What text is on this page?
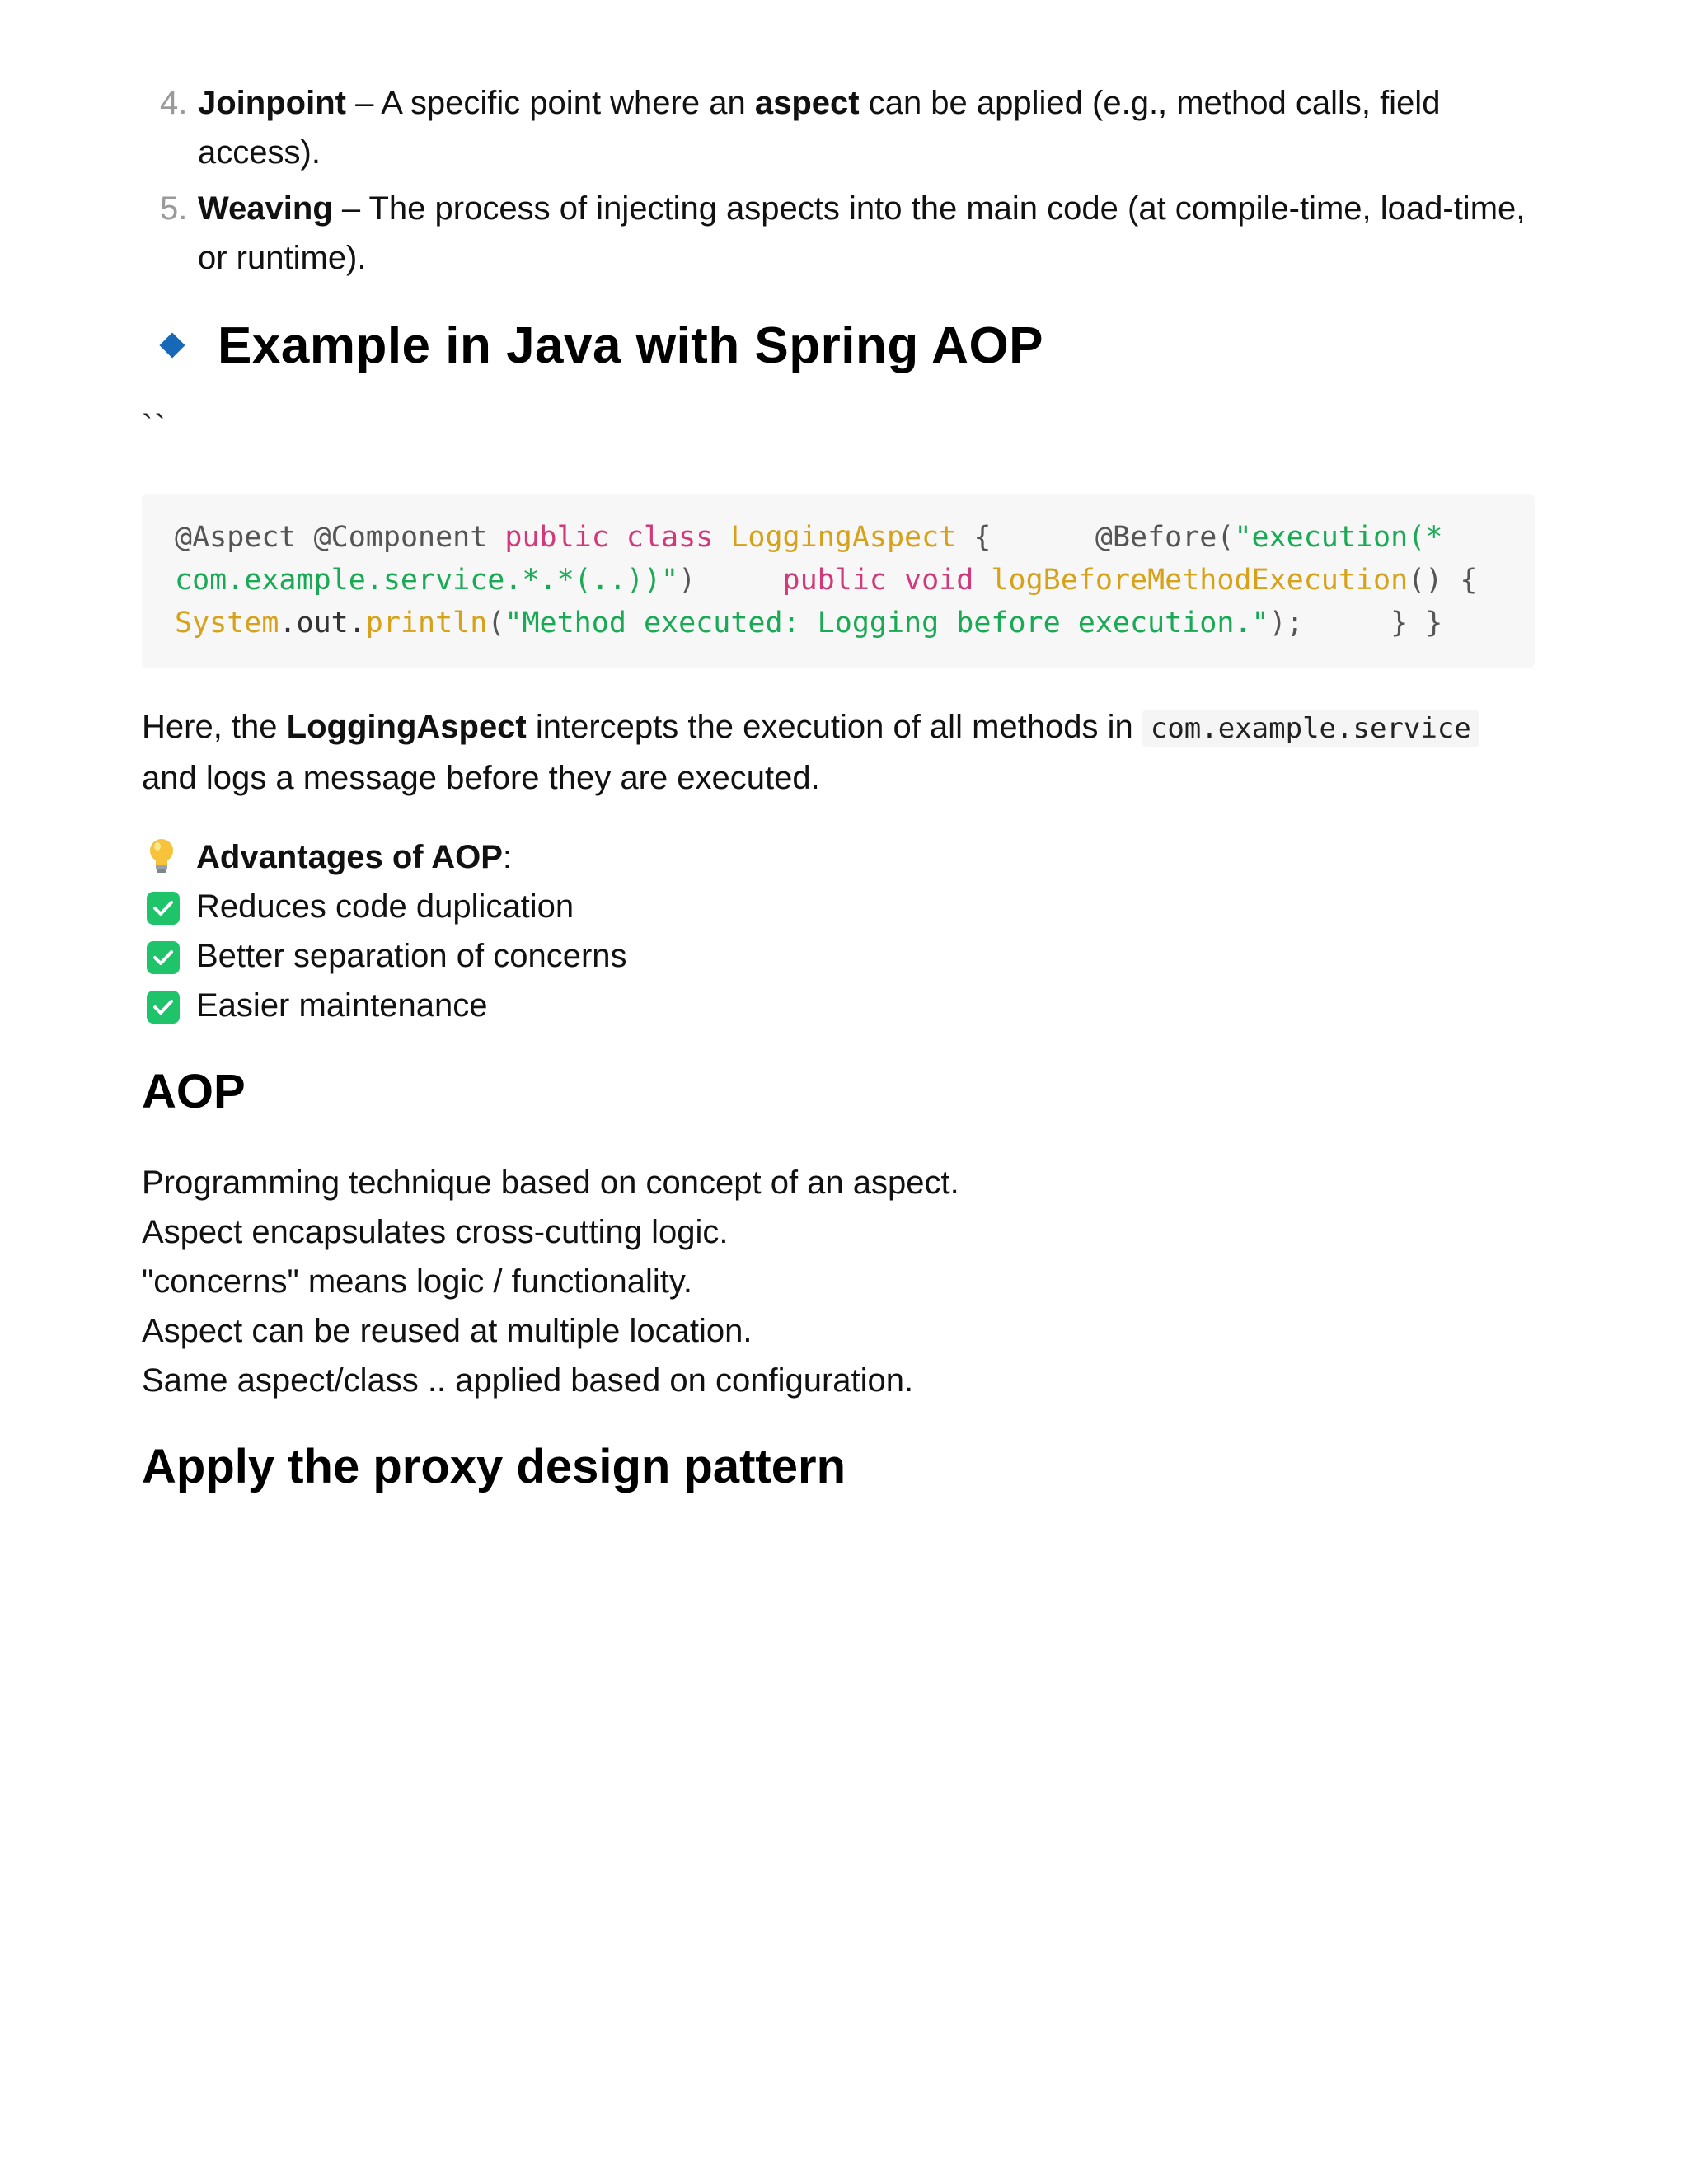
4. Joinpoint – A specific point where an aspect can be applied (e.g., method calls, field access).
5. Weaving – The process of injecting aspects into the main code (at compile-time, load-time, or runtime).
Example in Java with Spring AOP
``
@Aspect @Component public class LoggingAspect {	@Before("execution(*
com.example.service.*.*(..))")	public void logBeforeMethodExecution() {
System.out.println("Method executed: Logging before execution.");	} }

Here, the LoggingAspect intercepts the execution of all methods in com.example.service and logs a message before they are executed.

Advantages of AOP:
Reduces code duplication
Better separation of concerns
Easier maintenance
AOP
Programming technique based on concept of an aspect.
Aspect encapsulates cross-cutting logic.
"concerns" means logic / functionality.
Aspect can be reused at multiple location.
Same aspect/class .. applied based on configuration.
Apply the proxy design pattern
